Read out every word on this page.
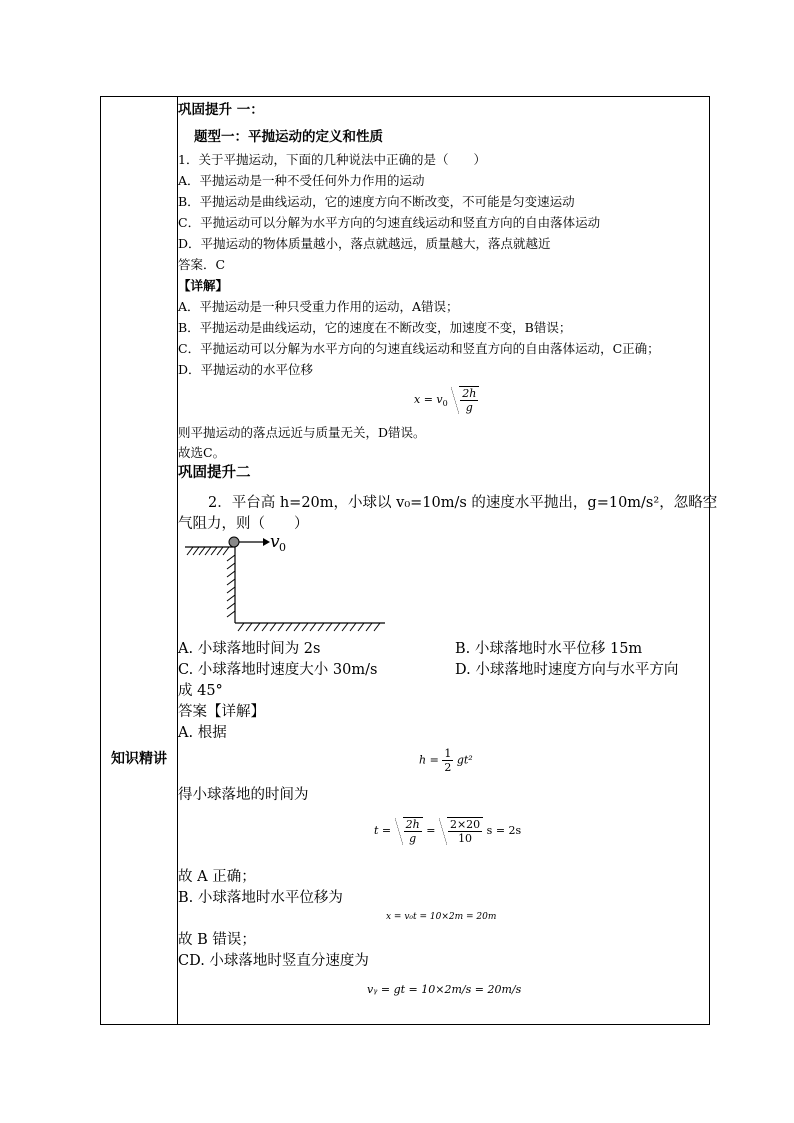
知识精讲
巩固提升 一：
题型一：平抛运动的定义和性质
1．关于平抛运动，下面的几种说法中正确的是（　　）
A．平抛运动是一种不受任何外力作用的运动
B．平抛运动是曲线运动，它的速度方向不断改变，不可能是匀变速运动
C．平抛运动可以分解为水平方向的匀速直线运动和竖直方向的自由落体运动
D．平抛运动的物体质量越小，落点就越远，质量越大，落点就越近
答案．C
【详解】
A．平抛运动是一种只受重力作用的运动，A错误；
B．平抛运动是曲线运动，它的速度在不断改变，加速度不变，B错误；
C．平抛运动可以分解为水平方向的匀速直线运动和竖直方向的自由落体运动，C正确；
D．平抛运动的水平位移
$x = v_0 \frac{2h}{g}$
则平抛运动的落点远近与质量无关，D错误。
故选C。
巩固提升二
2．平台高 h=20m，小球以 v₀=10m/s 的速度水平抛出，g=10m/s²，忽略空
气阻力，则（　　）
v 0
A. 小球落地时间为 2s	B. 小球落地时水平位移 15m
C. 小球落地时速度大小 30m/s	D. 小球落地时速度方向与水平方向
成 45°
答案【详解】
A. 根据
$h = \frac{1}{2} gt^2$
得小球落地的时间为
$t = \frac{2h}{g} = \frac{2\times 20}{10}$ s = 2s
故 A 正确；
B. 小球落地时水平位移为
x = v₀t = 10×2m = 20m
故 B 错误；
CD. 小球落地时竖直分速度为
vᵧ = gt = 10×2m/s = 20m/s
